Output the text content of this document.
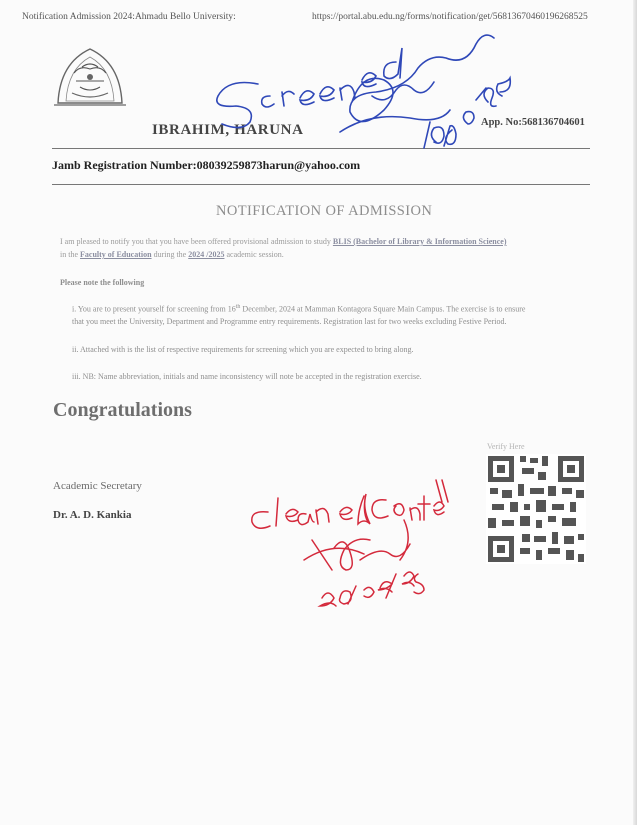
Notification Admission 2024:Ahmadu Bello University:	https://portal.abu.edu.ng/forms/notification/get/56813670460196268525
IBRAHIM, HARUNA	App. No:568136704601
Jamb Registration Number:08039259873harun@yahoo.com
NOTIFICATION OF ADMISSION
I am pleased to notify you that you have been offered provisional admission to study BLIS (Bachelor of Library & Information Science)
in the Faculty of Education during the 2024 /2025 academic session.
Please note the following
i. You are to present yourself for screening from 16th December, 2024 at Mamman Kontagora Square Main Campus. The exercise is to ensure
that you meet the University, Department and Programme entry requirements. Registration last for two weeks excluding Festive Period.
ii. Attached with is the list of respective requirements for screening which you are expected to bring along.
iii. NB: Name abbreviation, initials and name inconsistency will note be accepted in the registration exercise.
Congratulations
Academic Secretary
Dr. A. D. Kankia
Verify Here
